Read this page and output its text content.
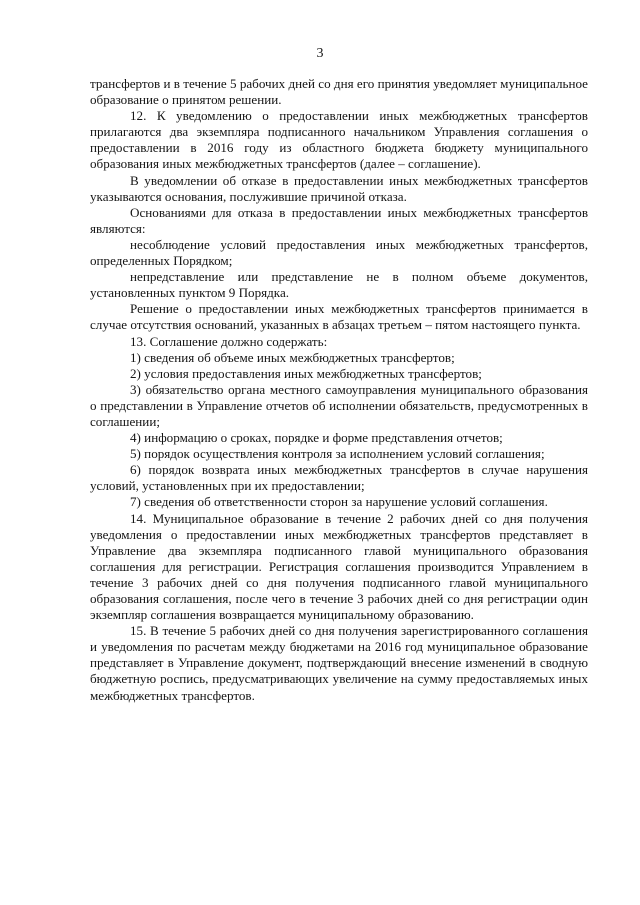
3

трансфертов и в течение 5 рабочих дней со дня его принятия уведомляет муниципальное образование о принятом решении.

12. К уведомлению о предоставлении иных межбюджетных трансфертов прилагаются два экземпляра подписанного начальником Управления соглашения о предоставлении в 2016 году из областного бюджета бюджету муниципального образования иных межбюджетных трансфертов (далее – соглашение).

В уведомлении об отказе в предоставлении иных межбюджетных трансфертов указываются основания, послужившие причиной отказа.

Основаниями для отказа в предоставлении иных межбюджетных трансфертов являются:

несоблюдение условий предоставления иных межбюджетных трансфертов, определенных Порядком;

непредставление или представление не в полном объеме документов, установленных пунктом 9 Порядка.

Решение о предоставлении иных межбюджетных трансфертов принимается в случае отсутствия оснований, указанных в абзацах третьем – пятом настоящего пункта.

13. Соглашение должно содержать:

1) сведения об объеме иных межбюджетных трансфертов;

2) условия предоставления иных межбюджетных трансфертов;

3) обязательство органа местного самоуправления муниципального образования о представлении в Управление отчетов об исполнении обязательств, предусмотренных в соглашении;

4) информацию о сроках, порядке и форме представления отчетов;

5) порядок осуществления контроля за исполнением условий соглашения;

6) порядок возврата иных межбюджетных трансфертов в случае нарушения условий, установленных при их предоставлении;

7) сведения об ответственности сторон за нарушение условий соглашения.

14. Муниципальное образование в течение 2 рабочих дней со дня получения уведомления о предоставлении иных межбюджетных трансфертов представляет в Управление два экземпляра подписанного главой муниципального образования соглашения для регистрации. Регистрация соглашения производится Управлением в течение 3 рабочих дней со дня получения подписанного главой муниципального образования соглашения, после чего в течение 3 рабочих дней со дня регистрации один экземпляр соглашения возвращается муниципальному образованию.

15. В течение 5 рабочих дней со дня получения зарегистрированного соглашения и уведомления по расчетам между бюджетами на 2016 год муниципальное образование представляет в Управление документ, подтверждающий внесение изменений в сводную бюджетную роспись, предусматривающих увеличение на сумму предоставляемых иных межбюджетных трансфертов.
